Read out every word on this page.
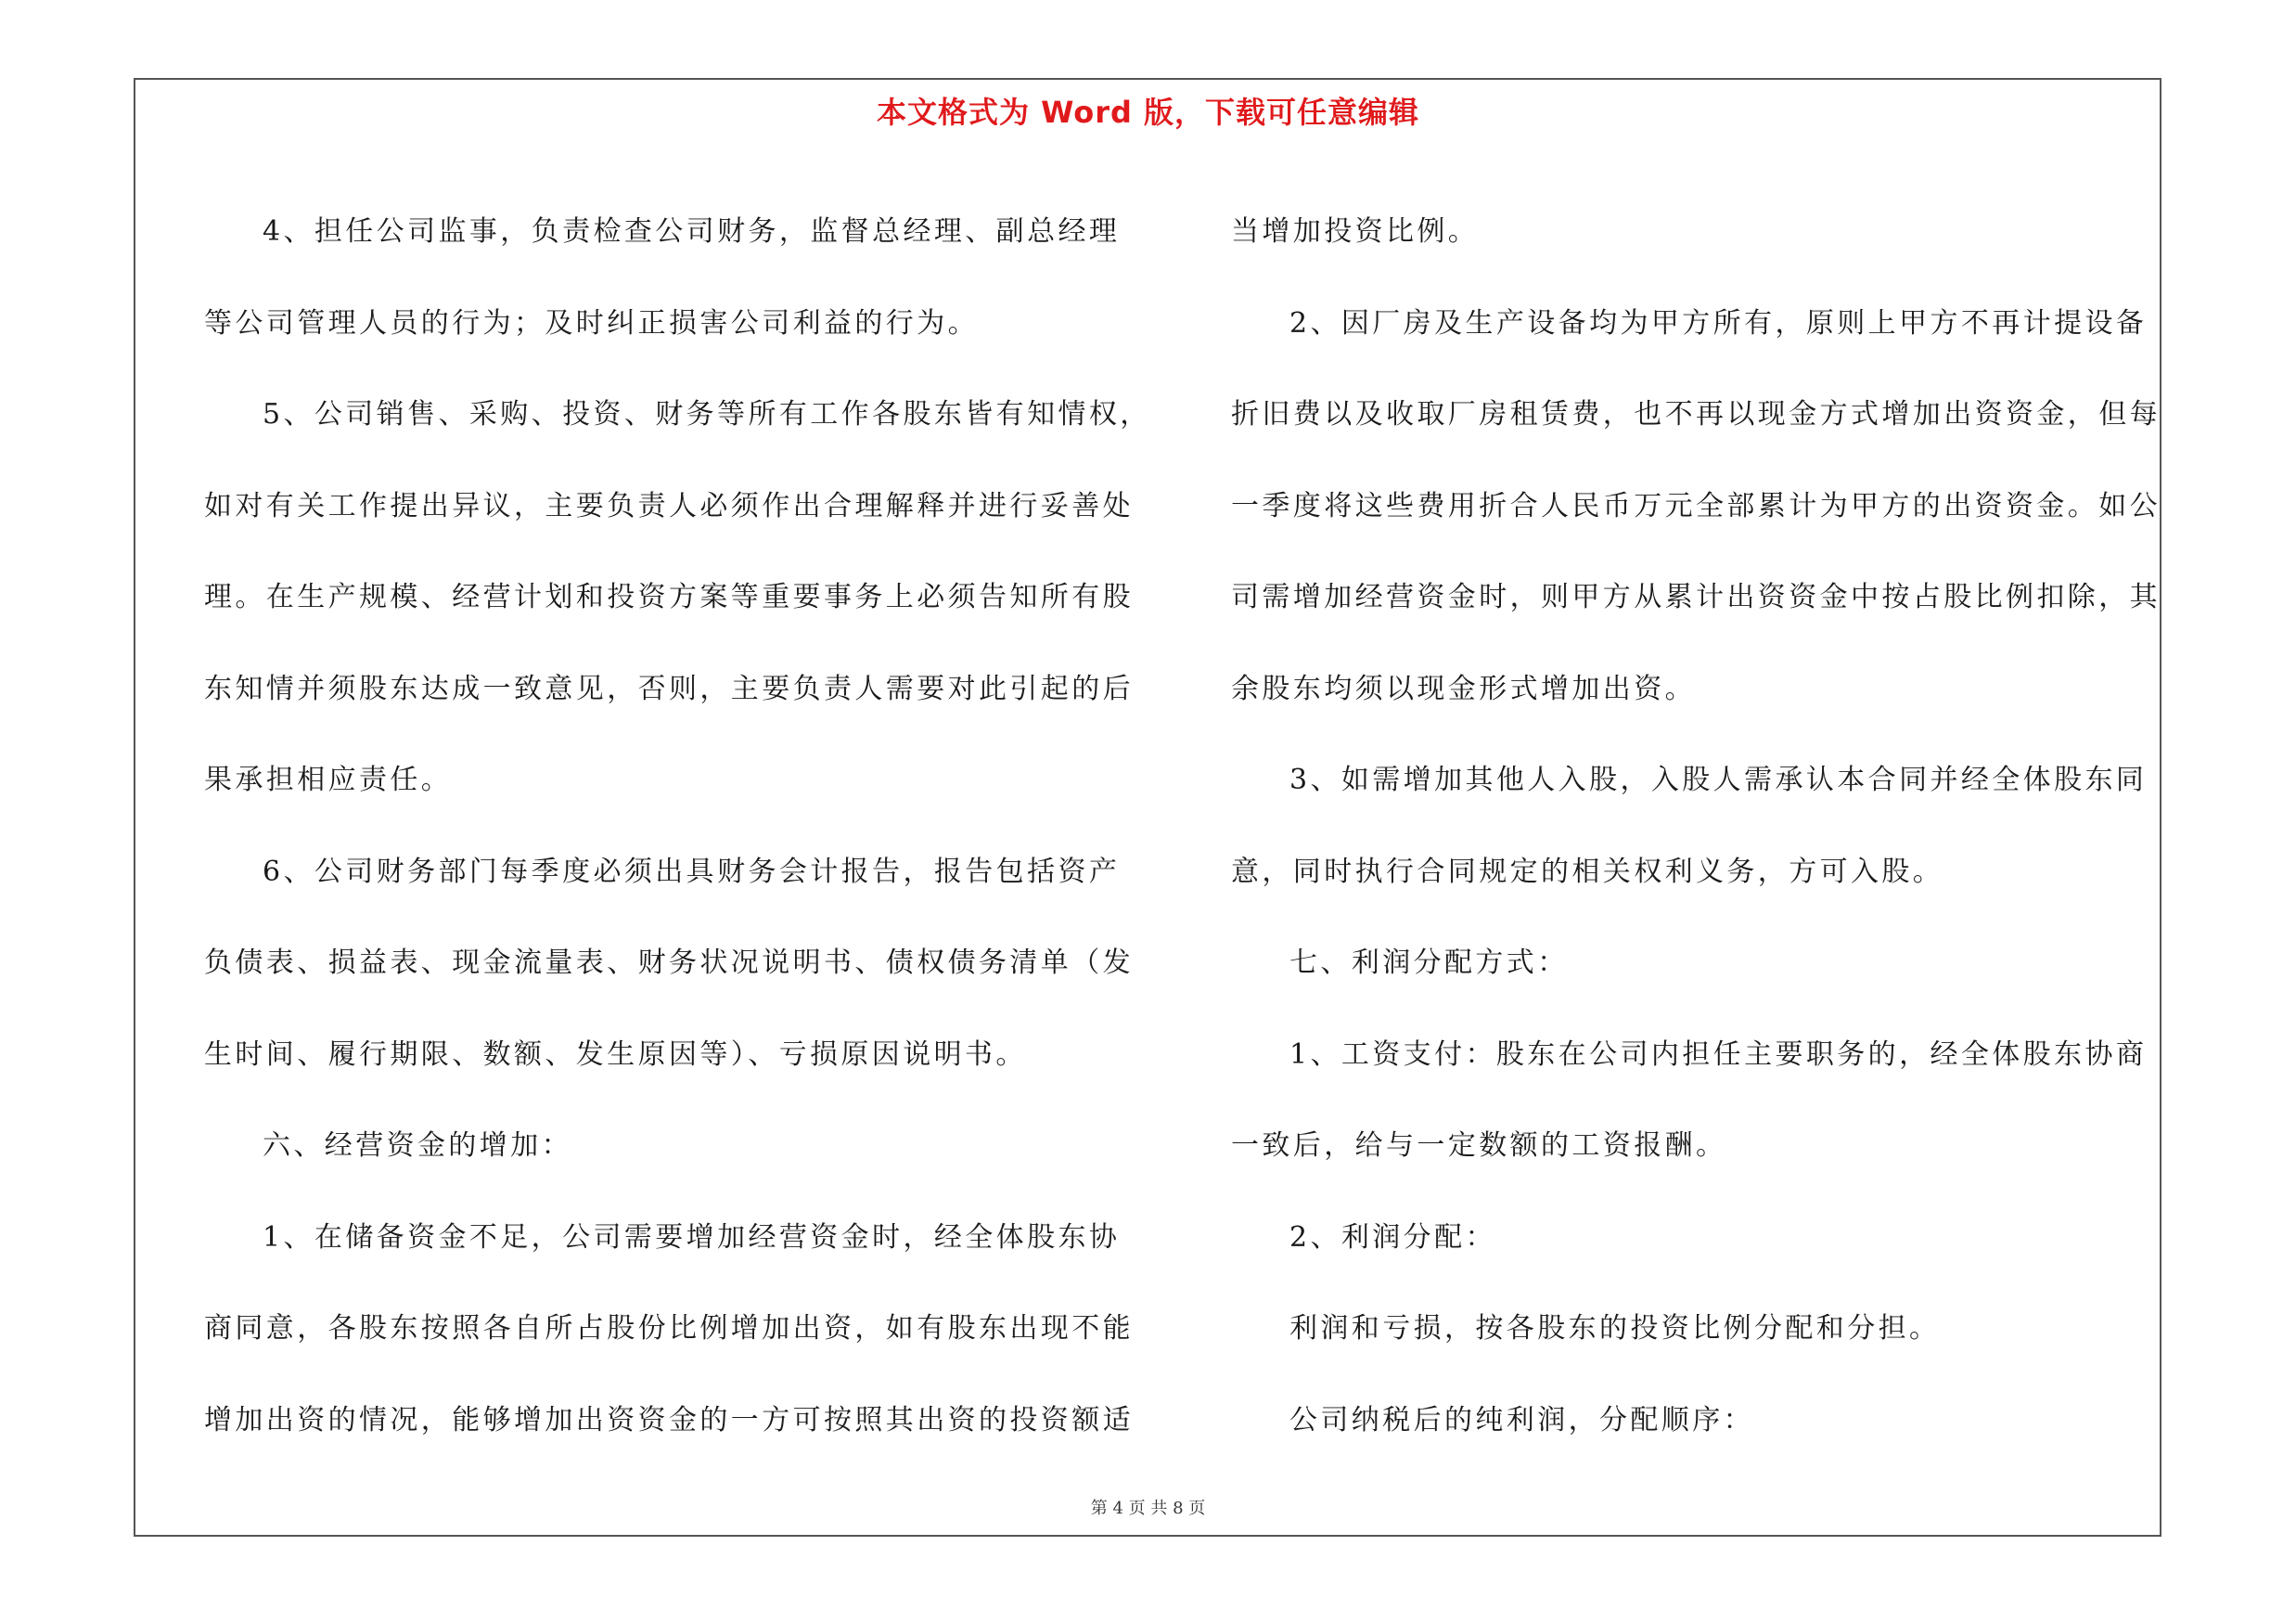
本文格式为 Word 版，下载可任意编辑
4、担任公司监事，负责检查公司财务，监督总经理、副总经理
等公司管理人员的行为；及时纠正损害公司利益的行为。
5、公司销售、采购、投资、财务等所有工作各股东皆有知情权，
如对有关工作提出异议，主要负责人必须作出合理解释并进行妥善处
理。在生产规模、经营计划和投资方案等重要事务上必须告知所有股
东知情并须股东达成一致意见，否则，主要负责人需要对此引起的后
果承担相应责任。
6、公司财务部门每季度必须出具财务会计报告，报告包括资产
负债表、损益表、现金流量表、财务状况说明书、债权债务清单（发
生时间、履行期限、数额、发生原因等）、亏损原因说明书。
六、经营资金的增加：
1、在储备资金不足，公司需要增加经营资金时，经全体股东协
商同意，各股东按照各自所占股份比例增加出资，如有股东出现不能
增加出资的情况，能够增加出资资金的一方可按照其出资的投资额适
当增加投资比例。
2、因厂房及生产设备均为甲方所有，原则上甲方不再计提设备
折旧费以及收取厂房租赁费，也不再以现金方式增加出资资金，但每
一季度将这些费用折合人民币万元全部累计为甲方的出资资金。如公
司需增加经营资金时，则甲方从累计出资资金中按占股比例扣除，其
余股东均须以现金形式增加出资。
3、如需增加其他人入股，入股人需承认本合同并经全体股东同
意，同时执行合同规定的相关权利义务，方可入股。
七、利润分配方式：
1、工资支付：股东在公司内担任主要职务的，经全体股东协商
一致后，给与一定数额的工资报酬。
2、利润分配：
利润和亏损，按各股东的投资比例分配和分担。
公司纳税后的纯利润，分配顺序：
第 4 页 共 8 页
